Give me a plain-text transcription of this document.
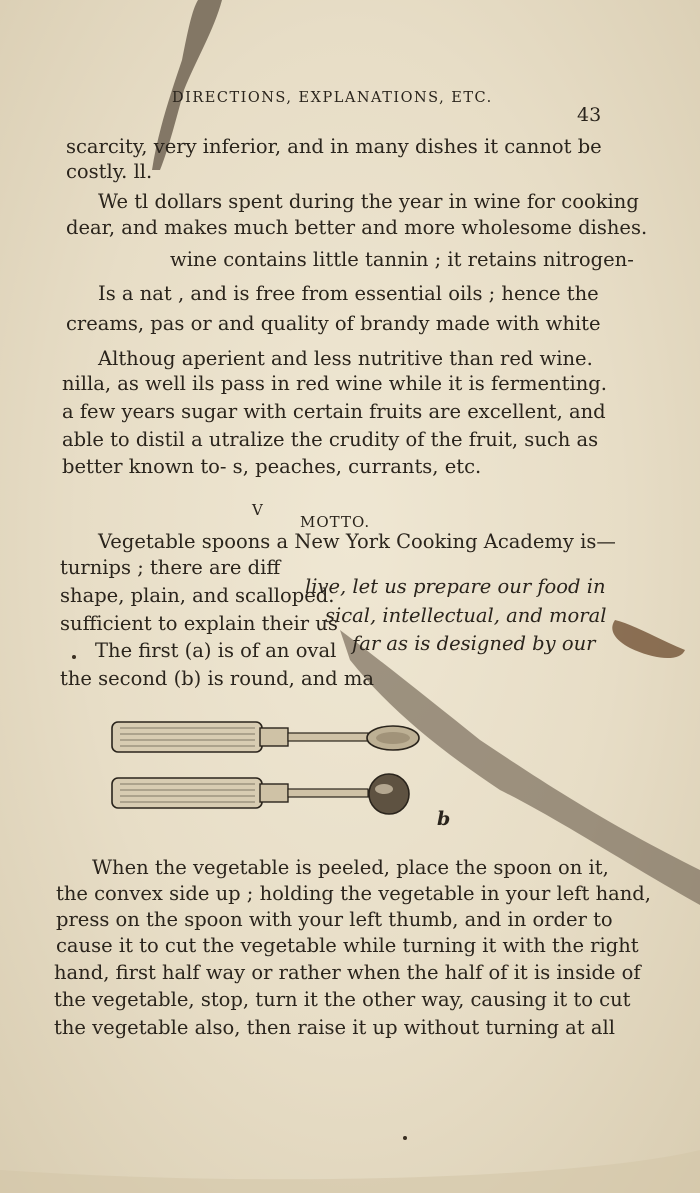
DIRECTIONS, EXPLANATIONS, ETC.
43
scarcity, very inferior, and in many dishes it cannot be
costly. ll.
We tl dollars spent during the year in wine for cooking
dear, and makes much better and more wholesome dishes.
wine contains little tannin ; it retains nitrogen-
Is a nat , and is free from essential oils ; hence the
creams, pas or and quality of brandy made with white
Althoug aperient and less nutritive than red wine.
nilla, as well ils pass in red wine while it is fermenting.
a few years sugar with certain fruits are excellent, and
able to distil a utralize the crudity of the fruit, such as
better known to- s, peaches, currants, etc.
V
MOTTO.
Vegetable spoons a New York Cooking Academy is—
turnips ; there are diff
live, let us prepare our food in
shape, plain, and scalloped.
sical, intellectual, and moral
sufficient to explain their us
far as is designed by our
The first (a) is of an oval
the second (b) is round, and ma
b
When the vegetable is peeled, place the spoon on it,
the convex side up ; holding the vegetable in your left hand,
press on the spoon with your left thumb, and in order to
cause it to cut the vegetable while turning it with the right
hand, first half way or rather when the half of it is inside of
the vegetable, stop, turn it the other way, causing it to cut
the vegetable also, then raise it up without turning at all
